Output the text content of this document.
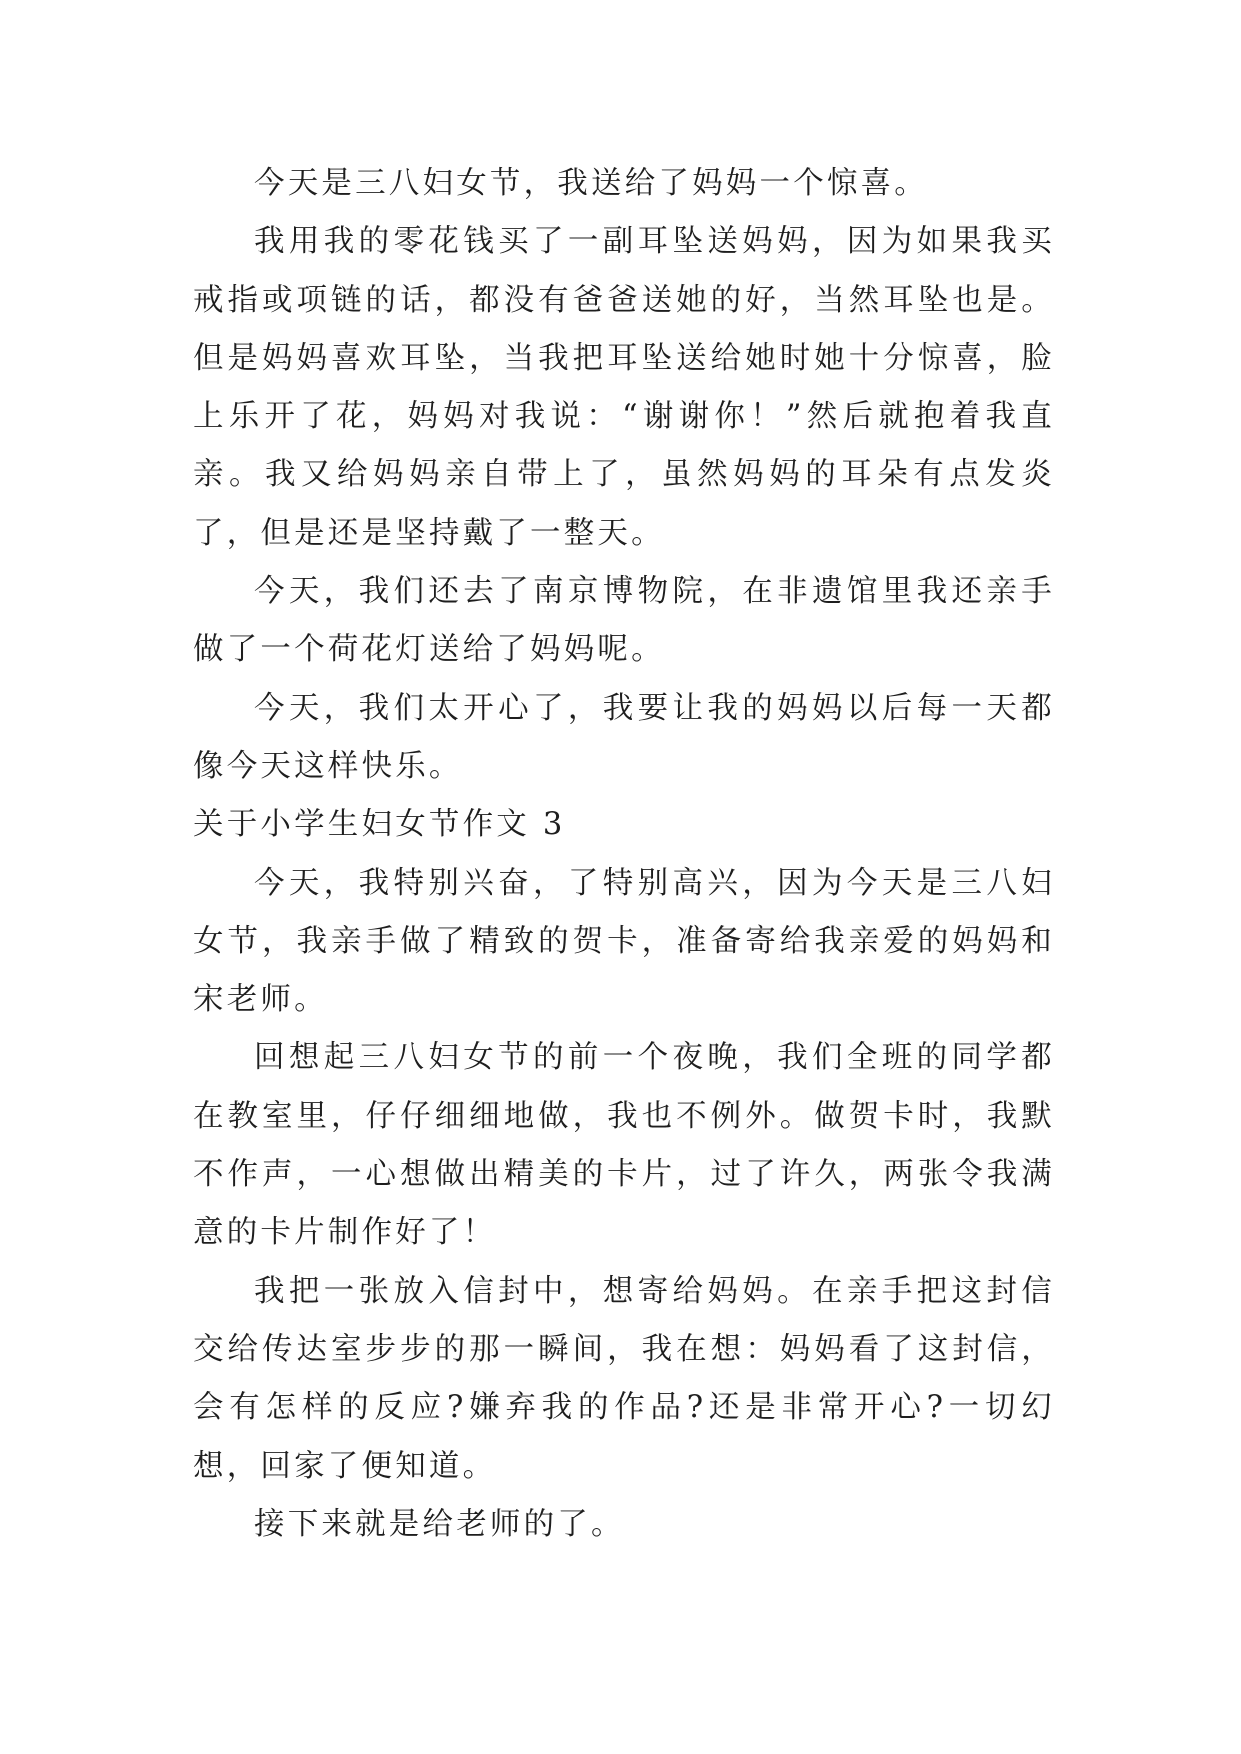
今天是三八妇女节，我送给了妈妈一个惊喜。

我用我的零花钱买了一副耳坠送妈妈，因为如果我买戒指或项链的话，都没有爸爸送她的好，当然耳坠也是。但是妈妈喜欢耳坠，当我把耳坠送给她时她十分惊喜，脸上乐开了花，妈妈对我说：“谢谢你！”然后就抱着我直亲。我又给妈妈亲自带上了，虽然妈妈的耳朵有点发炎了，但是还是坚持戴了一整天。

今天，我们还去了南京博物院，在非遗馆里我还亲手做了一个荷花灯送给了妈妈呢。

今天，我们太开心了，我要让我的妈妈以后每一天都像今天这样快乐。

关于小学生妇女节作文 3

今天，我特别兴奋，了特别高兴，因为今天是三八妇女节，我亲手做了精致的贺卡，准备寄给我亲爱的妈妈和宋老师。

回想起三八妇女节的前一个夜晚，我们全班的同学都在教室里，仔仔细细地做，我也不例外。做贺卡时，我默不作声，一心想做出精美的卡片，过了许久，两张令我满意的卡片制作好了！

我把一张放入信封中，想寄给妈妈。在亲手把这封信交给传达室步步的那一瞬间，我在想：妈妈看了这封信，会有怎样的反应?嫌弃我的作品?还是非常开心?一切幻想，回家了便知道。

接下来就是给老师的了。
